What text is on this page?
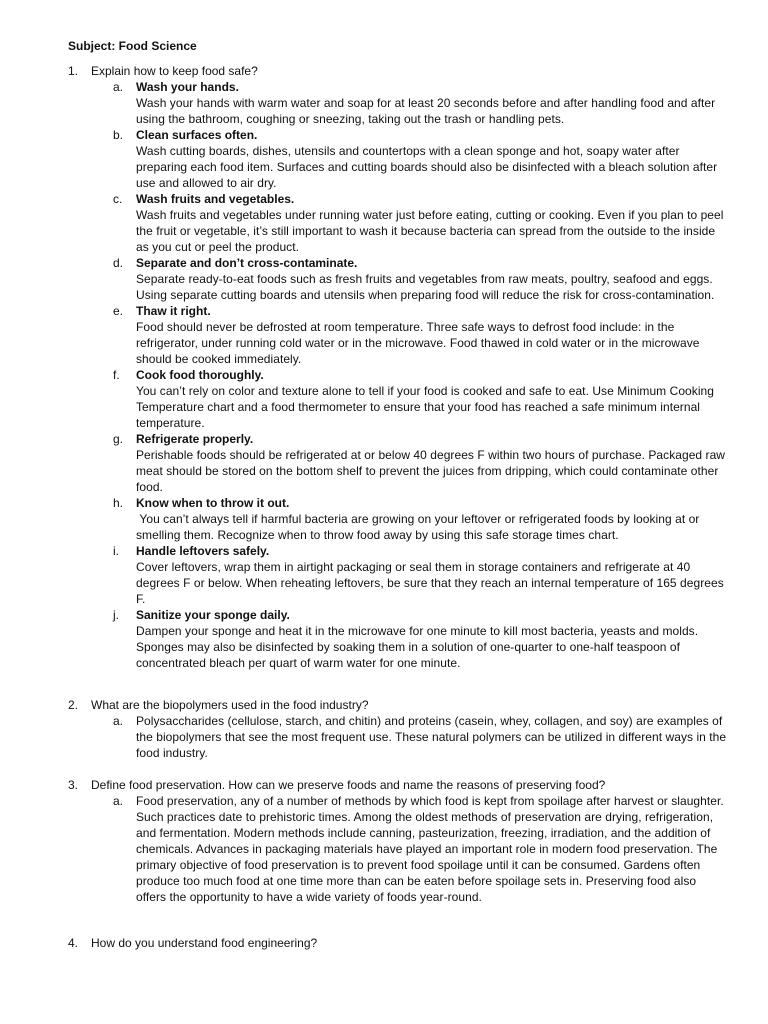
Subject: Food Science
1. Explain how to keep food safe?
a. Wash your hands.
Wash your hands with warm water and soap for at least 20 seconds before and after handling food and after using the bathroom, coughing or sneezing, taking out the trash or handling pets.
b. Clean surfaces often.
Wash cutting boards, dishes, utensils and countertops with a clean sponge and hot, soapy water after preparing each food item. Surfaces and cutting boards should also be disinfected with a bleach solution after use and allowed to air dry.
c. Wash fruits and vegetables.
Wash fruits and vegetables under running water just before eating, cutting or cooking. Even if you plan to peel the fruit or vegetable, it’s still important to wash it because bacteria can spread from the outside to the inside as you cut or peel the product.
d. Separate and don’t cross-contaminate.
Separate ready-to-eat foods such as fresh fruits and vegetables from raw meats, poultry, seafood and eggs. Using separate cutting boards and utensils when preparing food will reduce the risk for cross-contamination.
e. Thaw it right.
Food should never be defrosted at room temperature. Three safe ways to defrost food include: in the refrigerator, under running cold water or in the microwave. Food thawed in cold water or in the microwave should be cooked immediately.
f. Cook food thoroughly.
You can’t rely on color and texture alone to tell if your food is cooked and safe to eat. Use Minimum Cooking Temperature chart and a food thermometer to ensure that your food has reached a safe minimum internal temperature.
g. Refrigerate properly.
Perishable foods should be refrigerated at or below 40 degrees F within two hours of purchase. Packaged raw meat should be stored on the bottom shelf to prevent the juices from dripping, which could contaminate other food.
h. Know when to throw it out.
You can’t always tell if harmful bacteria are growing on your leftover or refrigerated foods by looking at or smelling them. Recognize when to throw food away by using this safe storage times chart.
i. Handle leftovers safely.
Cover leftovers, wrap them in airtight packaging or seal them in storage containers and refrigerate at 40 degrees F or below. When reheating leftovers, be sure that they reach an internal temperature of 165 degrees F.
j. Sanitize your sponge daily.
Dampen your sponge and heat it in the microwave for one minute to kill most bacteria, yeasts and molds. Sponges may also be disinfected by soaking them in a solution of one-quarter to one-half teaspoon of concentrated bleach per quart of warm water for one minute.
2. What are the biopolymers used in the food industry?
a. Polysaccharides (cellulose, starch, and chitin) and proteins (casein, whey, collagen, and soy) are examples of the biopolymers that see the most frequent use. These natural polymers can be utilized in different ways in the food industry.
3. Define food preservation. How can we preserve foods and name the reasons of preserving food?
a. Food preservation, any of a number of methods by which food is kept from spoilage after harvest or slaughter. Such practices date to prehistoric times. Among the oldest methods of preservation are drying, refrigeration, and fermentation. Modern methods include canning, pasteurization, freezing, irradiation, and the addition of chemicals. Advances in packaging materials have played an important role in modern food preservation. The primary objective of food preservation is to prevent food spoilage until it can be consumed. Gardens often produce too much food at one time more than can be eaten before spoilage sets in. Preserving food also offers the opportunity to have a wide variety of foods year-round.
4. How do you understand food engineering?
